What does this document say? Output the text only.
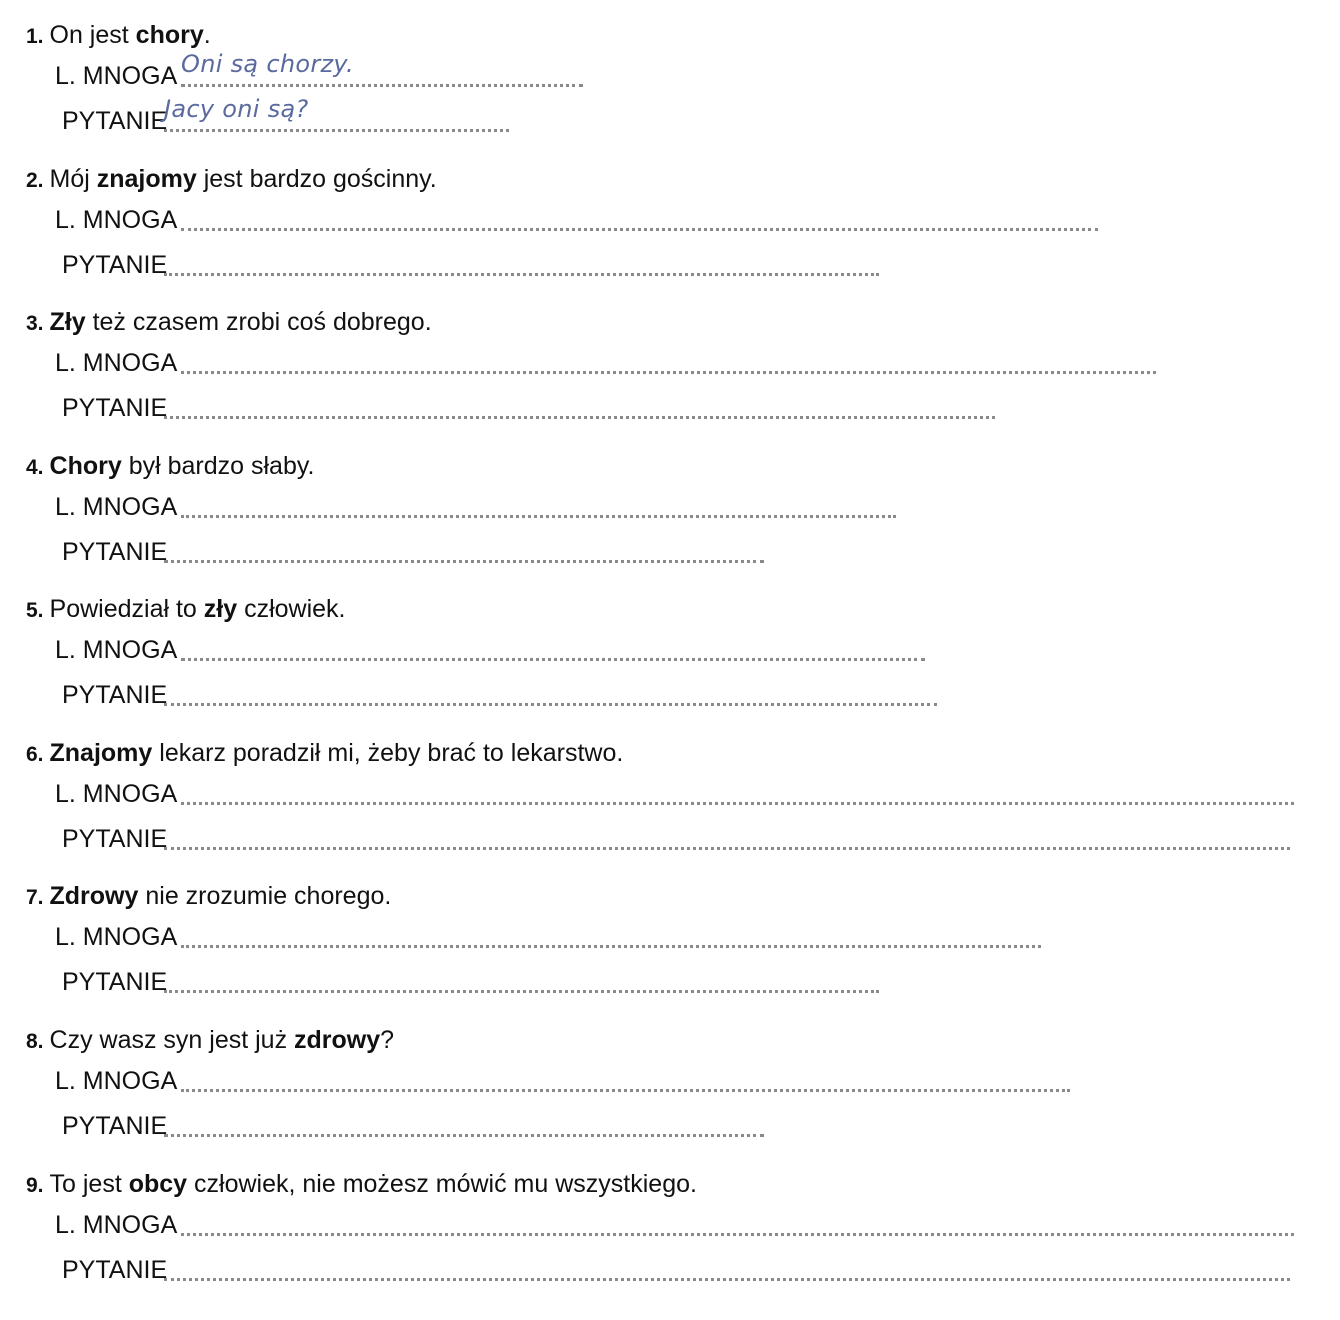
1. On jest chory.
L. MNOGA Oni są chorzy.
PYTANIE
Jacy oni są?
2. Mój znajomy jest bardzo gościnny.
L. MNOGA
PYTANIE
3. Zły też czasem zrobi coś dobrego.
L. MNOGA
PYTANIE
4. Chory był bardzo słaby.
L. MNOGA
PYTANIE
5. Powiedział to zły człowiek.
L. MNOGA
PYTANIE
6. Znajomy lekarz poradził mi, żeby brać to lekarstwo.
L. MNOGA
PYTANIE
7. Zdrowy nie zrozumie chorego.
L. MNOGA
PYTANIE
8. Czy wasz syn jest już zdrowy?
L. MNOGA
PYTANIE
9. To jest obcy człowiek, nie możesz mówić mu wszystkiego.
L. MNOGA
PYTANIE
